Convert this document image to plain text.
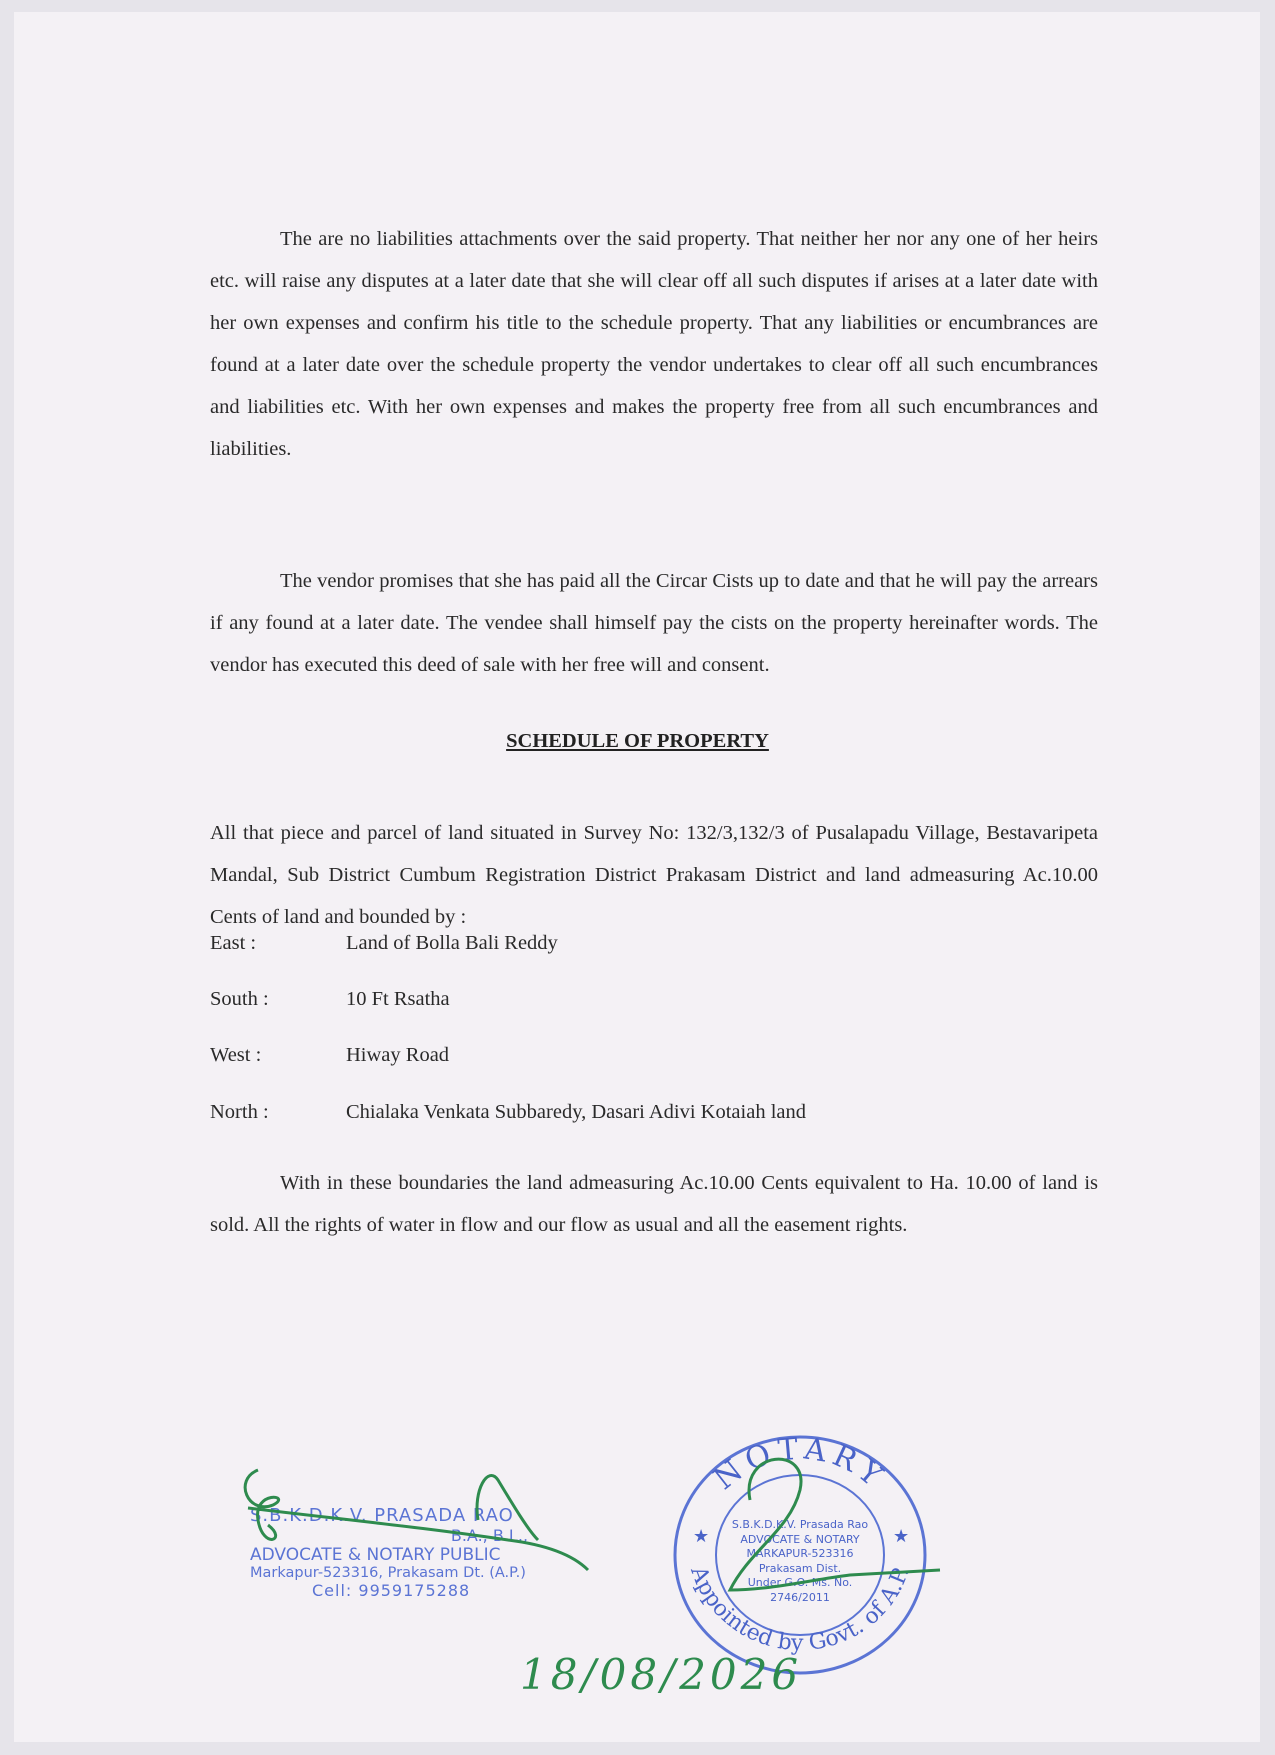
The are no liabilities attachments over the said property. That neither her nor any one of her heirs etc. will raise any disputes at a later date that she will clear off all such disputes if arises at a later date with her own expenses and confirm his title to the schedule property. That any liabilities or encumbrances are found at a later date over the schedule property the vendor undertakes to clear off all such encumbrances and liabilities etc. With her own expenses and makes the property free from all such encumbrances and liabilities.

The vendor promises that she has paid all the Circar Cists up to date and that he will pay the arrears if any found at a later date. The vendee shall himself pay the cists on the property hereinafter words. The vendor has executed this deed of sale with her free will and consent.

SCHEDULE OF PROPERTY

All that piece and parcel of land situated in Survey No: 132/3,132/3 of Pusalapadu Village, Bestavaripeta Mandal, Sub District Cumbum Registration District Prakasam District and land admeasuring Ac.10.00 Cents of land and bounded by :

East :	Land of Bolla Bali Reddy
South :	10 Ft Rsatha
West :	Hiway Road
North :	Chialaka Venkata Subbaredy, Dasari Adivi Kotaiah land

With in these boundaries the land admeasuring Ac.10.00 Cents equivalent to Ha. 10.00 of land is sold. All the rights of water in flow and our flow as usual and all the easement rights.

S.B.K.D.K.V. PRASADA RAO
B.A., B.L.,
ADVOCATE & NOTARY PUBLIC
Markapur-523316, Prakasam Dt. (A.P.)
Cell: 9959175288
NOTARY
Appointed by Govt. of A.P.
★	★
S.B.K.D.K.V. Prasada Rao
ADVOCATE & NOTARY
MARKAPUR-523316
Prakasam Dist.
Under G.O. Ms. No.
2746/2011
18/08/2026
